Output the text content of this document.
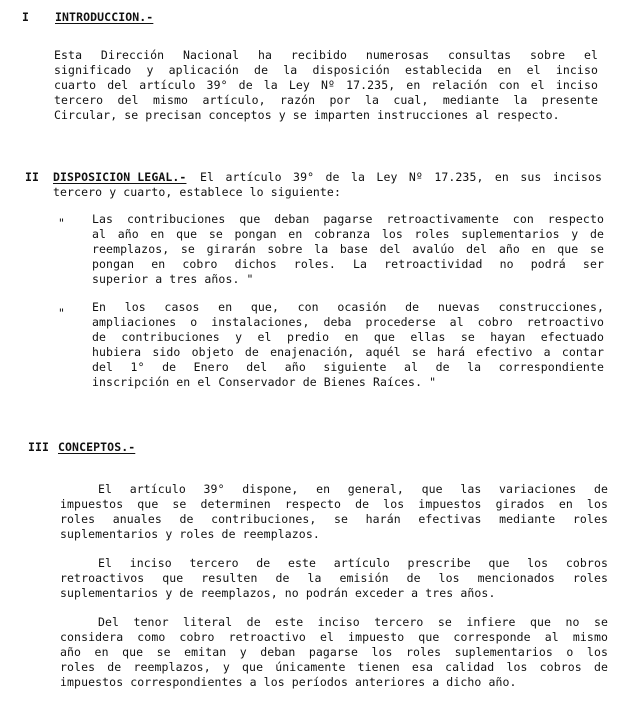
I INTRODUCCION.-
Esta Dirección Nacional ha recibido numerosas consultas sobre el
significado y aplicación de la disposición establecida en el inciso
cuarto del artículo 39° de la Ley Nº 17.235, en relación con el inciso
tercero del mismo artículo, razón por la cual, mediante la presente
Circular, se precisan conceptos y se imparten instrucciones al respecto.
II DISPOSICION LEGAL.- El artículo 39° de la Ley Nº 17.235, en sus incisos
tercero y cuarto, establece lo siguiente:
" Las contribuciones que deban pagarse retroactivamente con respecto
al año en que se pongan en cobranza los roles suplementarios y de
reemplazos, se girarán sobre la base del avalúo del año en que se
pongan en cobro dichos roles. La retroactividad no podrá ser
superior a tres años. "
" En los casos en que, con ocasión de nuevas construcciones,
ampliaciones o instalaciones, deba procederse al cobro retroactivo
de contribuciones y el predio en que ellas se hayan efectuado
hubiera sido objeto de enajenación, aquél se hará efectivo a contar
del 1° de Enero del año siguiente al de la correspondiente
inscripción en el Conservador de Bienes Raíces. "
III CONCEPTOS.-
El artículo 39° dispone, en general, que las variaciones de
impuestos que se determinen respecto de los impuestos girados en los
roles anuales de contribuciones, se harán efectivas mediante roles
suplementarios y roles de reemplazos.
El inciso tercero de este artículo prescribe que los cobros
retroactivos que resulten de la emisión de los mencionados roles
suplementarios y de reemplazos, no podrán exceder a tres años.
Del tenor literal de este inciso tercero se infiere que no se
considera como cobro retroactivo el impuesto que corresponde al mismo
año en que se emitan y deban pagarse los roles suplementarios o los
roles de reemplazos, y que únicamente tienen esa calidad los cobros de
impuestos correspondientes a los períodos anteriores a dicho año.
